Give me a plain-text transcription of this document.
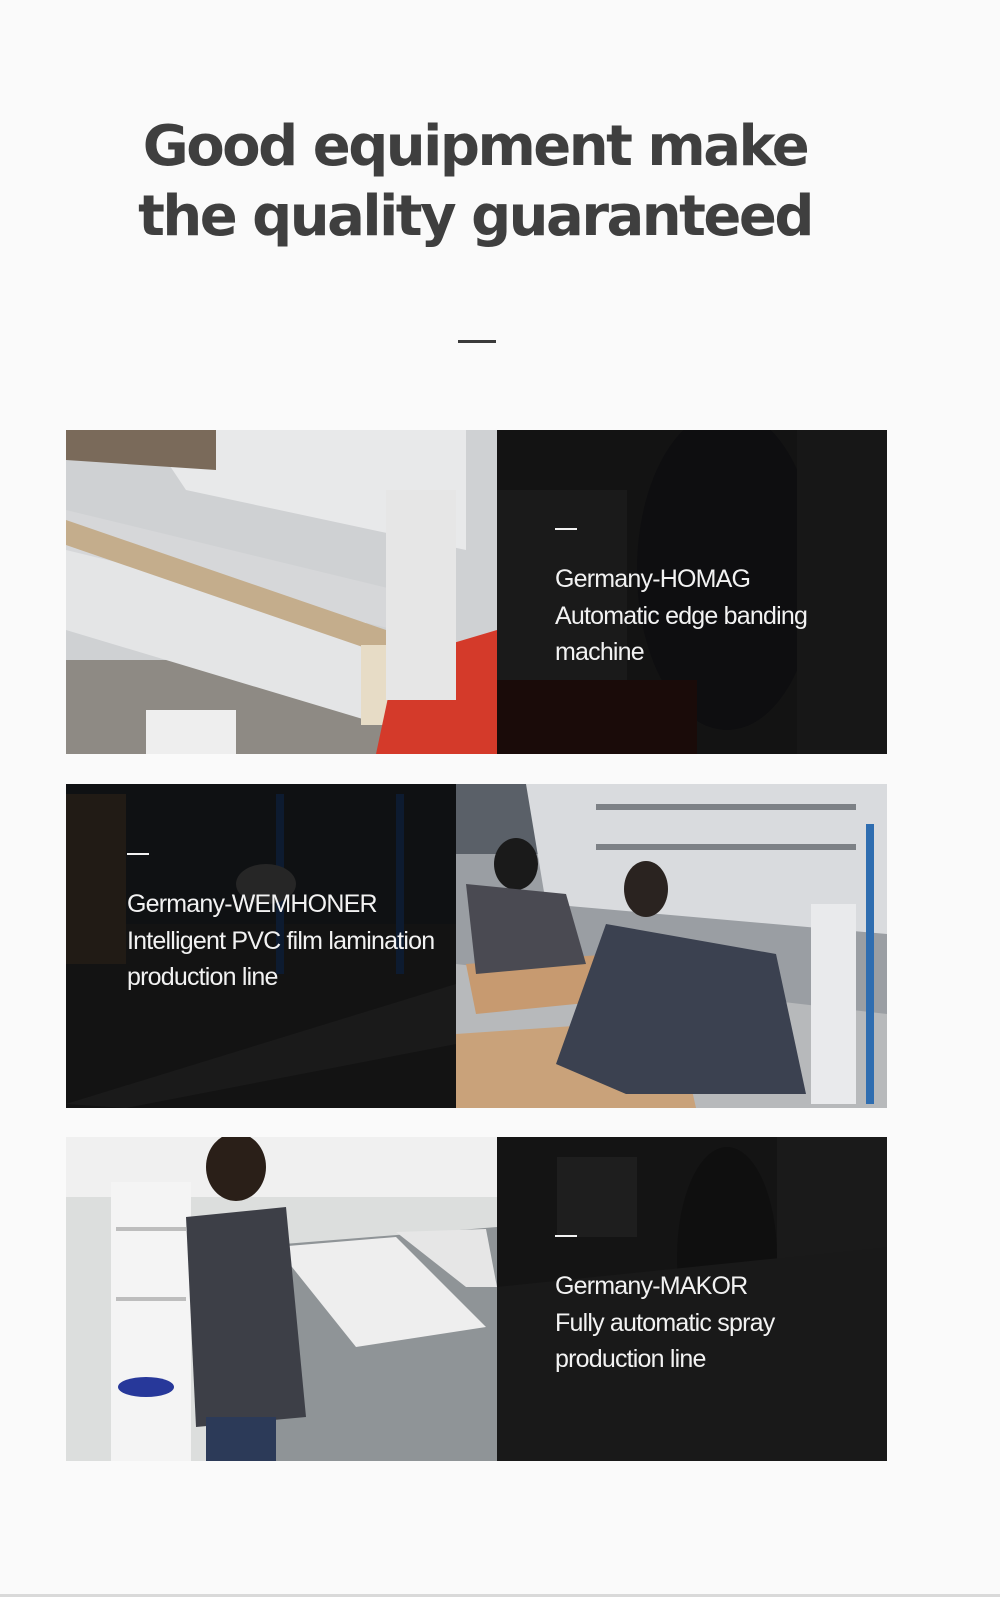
Good equipment make
the quality guaranteed
Germany-HOMAG
Automatic edge banding
machine
Germany-WEMHONER
Intelligent PVC film lamination
production line
Germany-MAKOR
Fully automatic spray
production line
